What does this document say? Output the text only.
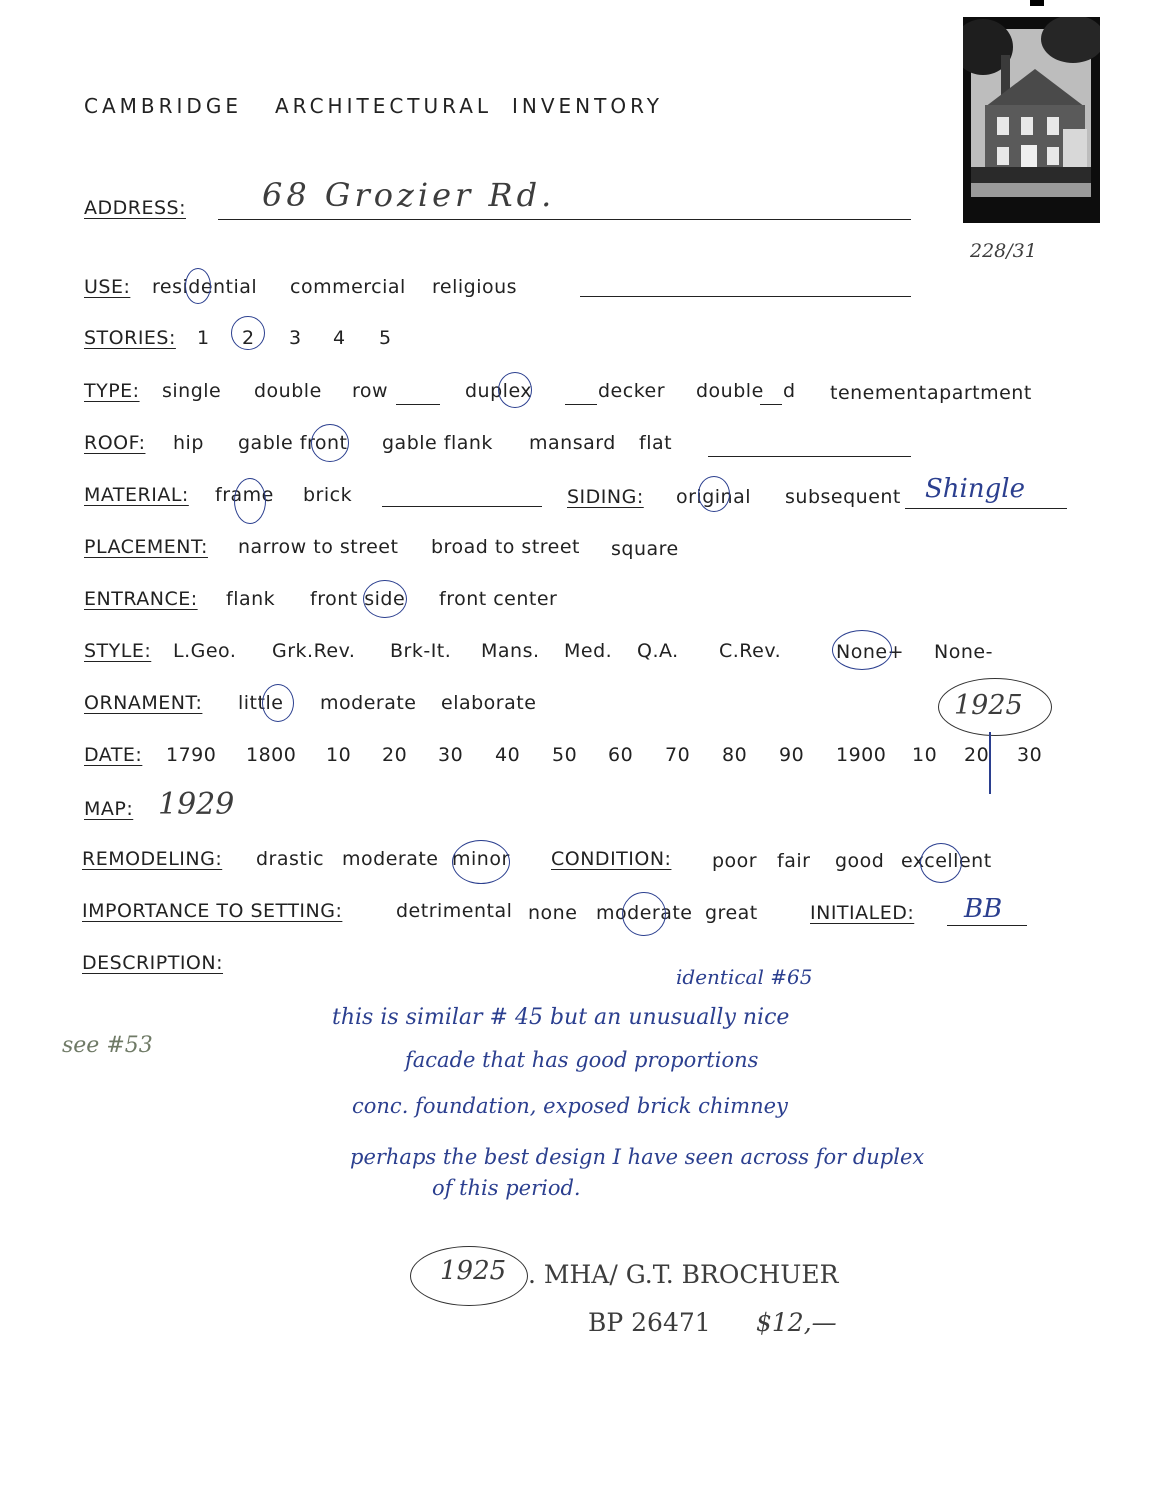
228/31
CAMBRIDGE ARCHITECTURAL INVENTORY
ADDRESS: 68 Grozier Rd.
USE: residential commercial religious
STORIES: 1 2 3 4 5
TYPE: single double row	duplex	decker double d tenement apartment
ROOF: hip gable front gable flank mansard flat
MATERIAL: frame brick	SIDING: original subsequent Shingle
PLACEMENT: narrow to street broad to street square
ENTRANCE: flank front side front center
STYLE: L.Geo. Grk.Rev. Brk-It. Mans. Med. Q.A. C.Rev.	None+ None-
ORNAMENT: little moderate elaborate	1925
DATE: 1790 1800 10 20 30 40 50 60 70 80 90 1900 10 20 30
MAP: 1929
REMODELING: drastic moderate minor CONDITION: poor fair good excellent
IMPORTANCE TO SETTING:	detrimental none moderate great	INITIALED: BB
DESCRIPTION:
identical #65
this is similar # 45 but an unusually nice
facade that has good proportions
conc. foundation, exposed brick chimney
perhaps the best design I have seen across for duplex
of this period.
see #53
1925 . MHA/ G.T. BROCHUER
BP 26471 $12,—
